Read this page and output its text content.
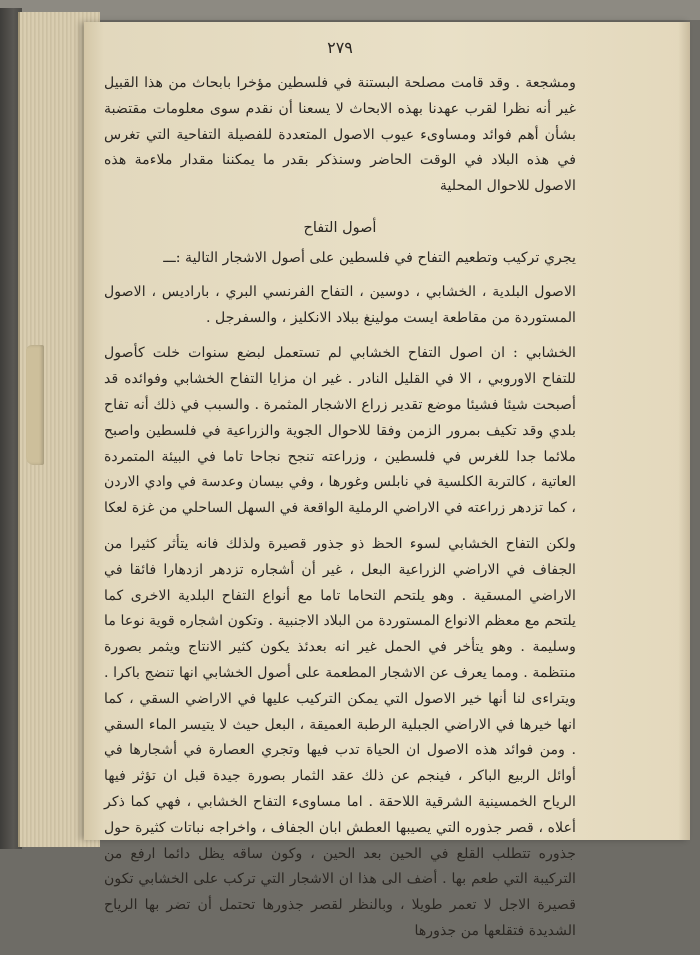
٢٧٩

ومشجعة . وقد قامت مصلحة البستنة في فلسطين مؤخرا بابحاث من هذا القبيل غير أنه نظرا لقرب عهدنا بهذه الابحاث لا يسعنا أن نقدم سوى معلومات مقتضبة بشأن أهم فوائد ومساوىء عيوب الاصول المتعددة للفصيلة التفاحية التي تغرس في هذه البلاد في الوقت الحاضر وسنذكر بقدر ما يمكننا مقدار ملاءمة هذه الاصول للاحوال المحلية

أصول التفاح

يجري تركيب وتطعيم التفاح في فلسطين على أصول الاشجار التالية :ـــ

الاصول البلدية ، الخشابي ، دوسين ، التفاح الفرنسي البري ، باراديس ، الاصول المستوردة من مقاطعة ايست مولينغ ببلاد الانكليز ، والسفرجل .

الخشابي : ان اصول التفاح الخشابي لم تستعمل لبضع سنوات خلت كأصول للتفاح الاوروبي ، الا في القليل النادر . غير ان مزايا التفاح الخشابي وفوائده قد أصبحت شيئا فشيئا موضع تقدير زراع الاشجار المثمرة . والسبب في ذلك أنه تفاح بلدي وقد تكيف بمرور الزمن وفقا للاحوال الجوية والزراعية في فلسطين واصبح ملائما جدا للغرس في فلسطين ، وزراعته تنجح نجاحا تاما في البيئة المتمردة العاتية ، كالتربة الكلسية في نابلس وغورها ، وفي بيسان وعدسة في وادي الاردن ، كما تزدهر زراعته في الاراضي الرملية الواقعة في السهل الساحلي من غزة لعكا

ولكن التفاح الخشابي لسوء الحظ ذو جذور قصيرة ولذلك فانه يتأثر كثيرا من الجفاف في الاراضي الزراعية البعل ، غير أن أشجاره تزدهر ازدهارا فائقا في الاراضي المسقية . وهو يلتحم التحاما تاما مع أنواع التفاح البلدية الاخرى كما يلتحم مع معظم الانواع المستوردة من البلاد الاجنبية . وتكون اشجاره قوية نوعا ما وسليمة . وهو يتأخر في الحمل غير انه بعدئذ يكون كثير الانتاج ويثمر بصورة منتظمة . ومما يعرف عن الاشجار المطعمة على أصول الخشابي انها تنضج باكرا . ويتراءى لنا أنها خير الاصول التي يمكن التركيب عليها في الاراضي السقي ، كما انها خيرها في الاراضي الجبلية الرطبة العميقة ، البعل حيث لا يتيسر الماء السقي . ومن فوائد هذه الاصول ان الحياة تدب فيها وتجري العصارة في أشجارها في أوائل الربيع الباكر ، فينجم عن ذلك عقد الثمار بصورة جيدة قبل ان تؤثر فيها الرياح الخمسينية الشرقية اللاحقة . اما مساوىء التفاح الخشابي ، فهي كما ذكر أعلاه ، قصر جذوره التي يصيبها العطش ابان الجفاف ، واخراجه نباتات كثيرة حول جذوره تتطلب القلع في الحين بعد الحين ، وكون ساقه يظل دائما ارفع من التركيبة التي طعم بها . أضف الى هذا ان الاشجار التي تركب على الخشابي تكون قصيرة الاجل لا تعمر طويلا ، وبالنظر لقصر جذورها تحتمل أن تضر بها الرياح الشديدة فتقلعها من جذورها
